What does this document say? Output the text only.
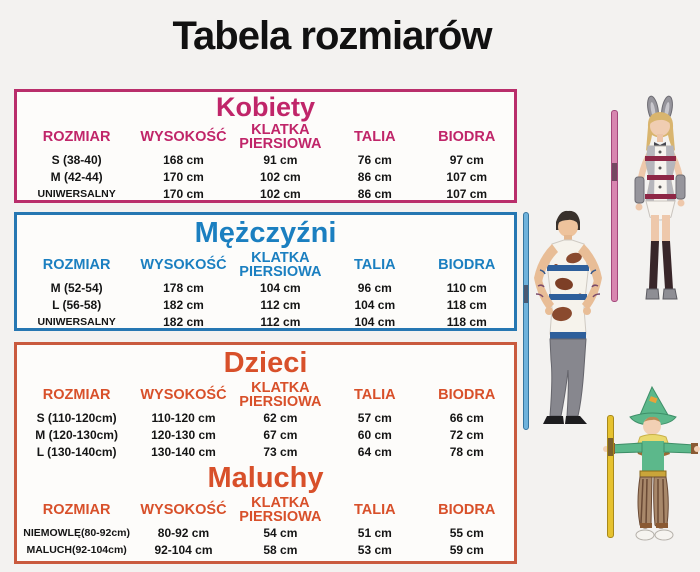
Tabela rozmiarów
Kobiety
ROZMIAR	WYSOKOŚĆ	KLATKA PIERSIOWA	TALIA	BIODRA
S (38-40)	168 cm	91 cm	76 cm	97 cm
M (42-44)	170 cm	102 cm	86 cm	107 cm
UNIWERSALNY	170 cm	102 cm	86 cm	107 cm
Mężczyźni
ROZMIAR	WYSOKOŚĆ	KLATKA PIERSIOWA	TALIA	BIODRA
M (52-54)	178 cm	104 cm	96 cm	110 cm
L (56-58)	182 cm	112 cm	104 cm	118 cm
UNIWERSALNY	182 cm	112 cm	104 cm	118 cm
Dzieci
ROZMIAR	WYSOKOŚĆ	KLATKA PIERSIOWA	TALIA	BIODRA
S (110-120cm)	110-120 cm	62 cm	57 cm	66 cm
M (120-130cm)	120-130 cm	67 cm	60 cm	72 cm
L (130-140cm)	130-140 cm	73 cm	64 cm	78 cm
Maluchy
ROZMIAR	WYSOKOŚĆ	KLATKA PIERSIOWA	TALIA	BIODRA
NIEMOWLĘ(80-92cm)	80-92 cm	54 cm	51 cm	55 cm
MALUCH(92-104cm)	92-104 cm	58 cm	53 cm	59 cm
